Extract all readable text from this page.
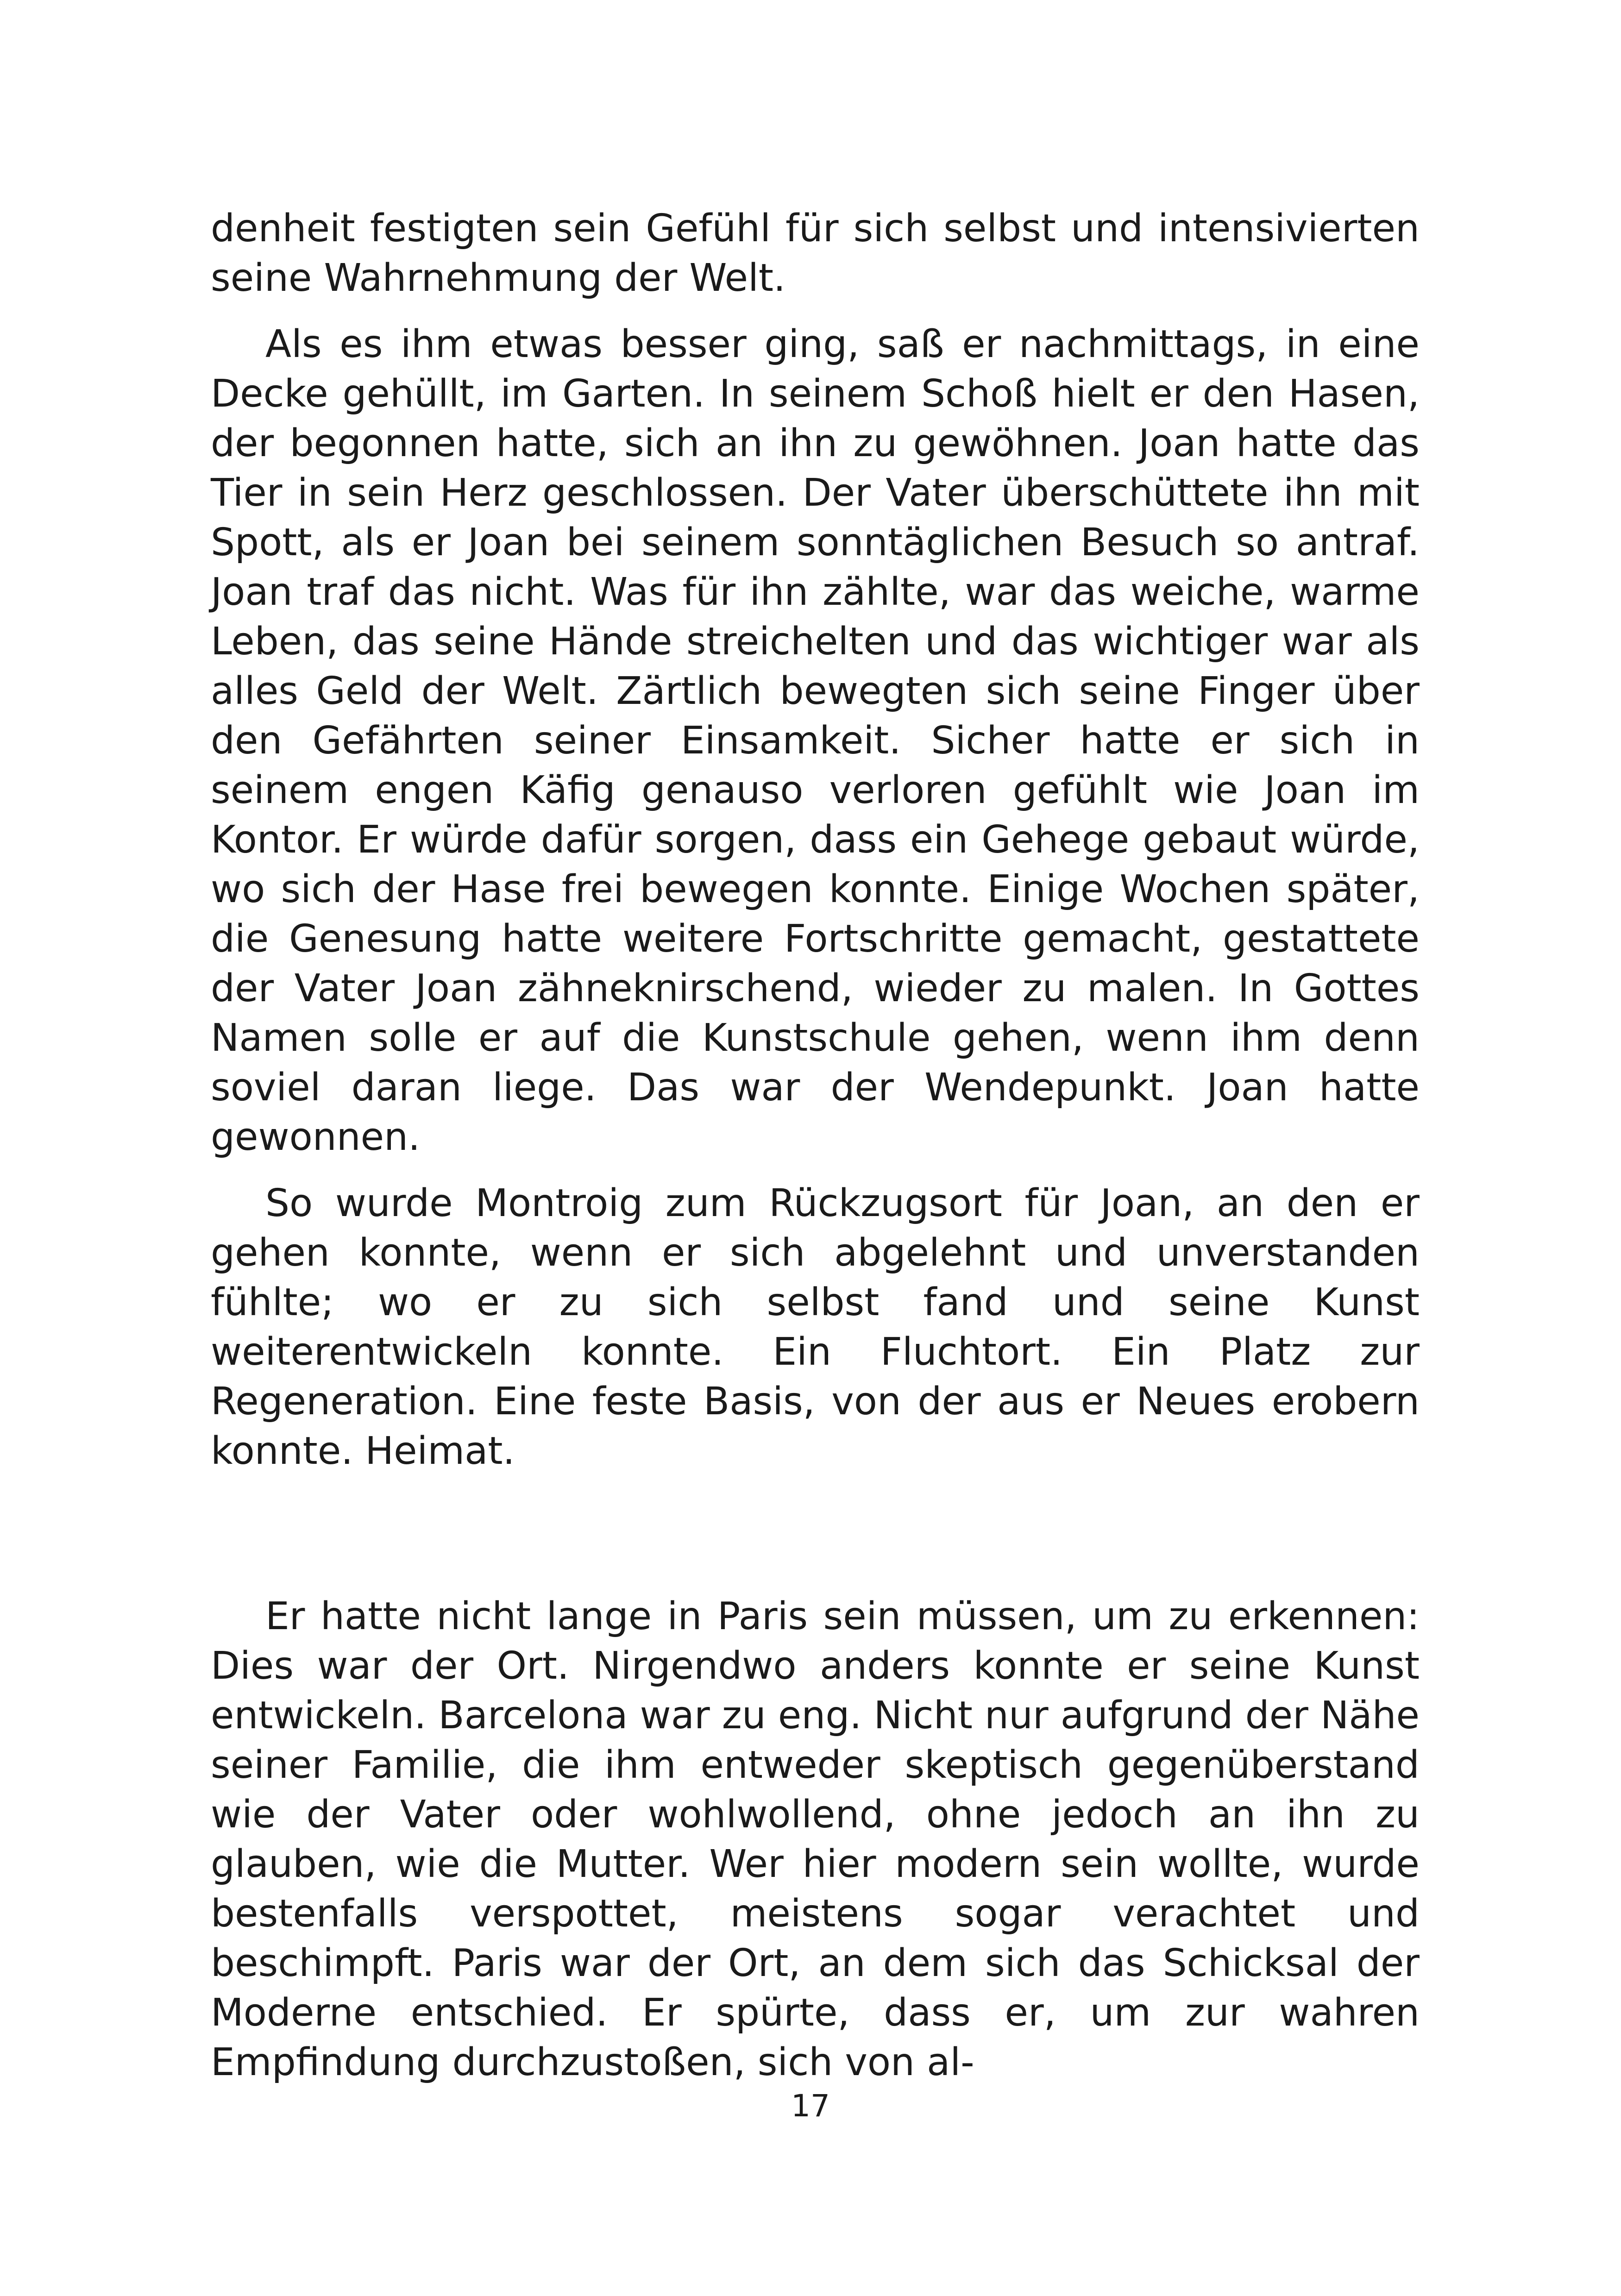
denheit festigten sein Gefühl für sich selbst und intensivierten seine Wahrnehmung der Welt.

Als es ihm etwas besser ging, saß er nachmittags, in eine Decke gehüllt, im Garten. In seinem Schoß hielt er den Hasen, der begonnen hatte, sich an ihn zu gewöhnen. Joan hatte das Tier in sein Herz geschlossen. Der Vater überschüttete ihn mit Spott, als er Joan bei seinem sonntäglichen Besuch so antraf. Joan traf das nicht. Was für ihn zählte, war das weiche, warme Leben, das seine Hände streichelten und das wichtiger war als alles Geld der Welt. Zärtlich bewegten sich seine Finger über den Gefährten seiner Einsamkeit. Sicher hatte er sich in seinem engen Käfig genauso verloren gefühlt wie Joan im Kontor. Er würde dafür sorgen, dass ein Gehege gebaut würde, wo sich der Hase frei bewegen konnte. Einige Wochen später, die Genesung hatte weitere Fortschritte gemacht, gestattete der Vater Joan zähneknirschend, wieder zu malen. In Gottes Namen solle er auf die Kunstschule gehen, wenn ihm denn soviel daran liege. Das war der Wendepunkt. Joan hatte gewonnen.

So wurde Montroig zum Rückzugsort für Joan, an den er gehen konnte, wenn er sich abgelehnt und unverstanden fühlte; wo er zu sich selbst fand und seine Kunst weiterentwickeln konnte. Ein Fluchtort. Ein Platz zur Regeneration. Eine feste Basis, von der aus er Neues erobern konnte. Heimat.

Er hatte nicht lange in Paris sein müssen, um zu erkennen: Dies war der Ort. Nirgendwo anders konnte er seine Kunst entwickeln. Barcelona war zu eng. Nicht nur aufgrund der Nähe seiner Familie, die ihm entweder skeptisch gegenüberstand wie der Vater oder wohlwollend, ohne jedoch an ihn zu glauben, wie die Mutter. Wer hier modern sein wollte, wurde bestenfalls verspottet, meistens sogar verachtet und beschimpft. Paris war der Ort, an dem sich das Schicksal der Moderne entschied. Er spürte, dass er, um zur wahren Empfindung durchzustoßen, sich von al-

17
